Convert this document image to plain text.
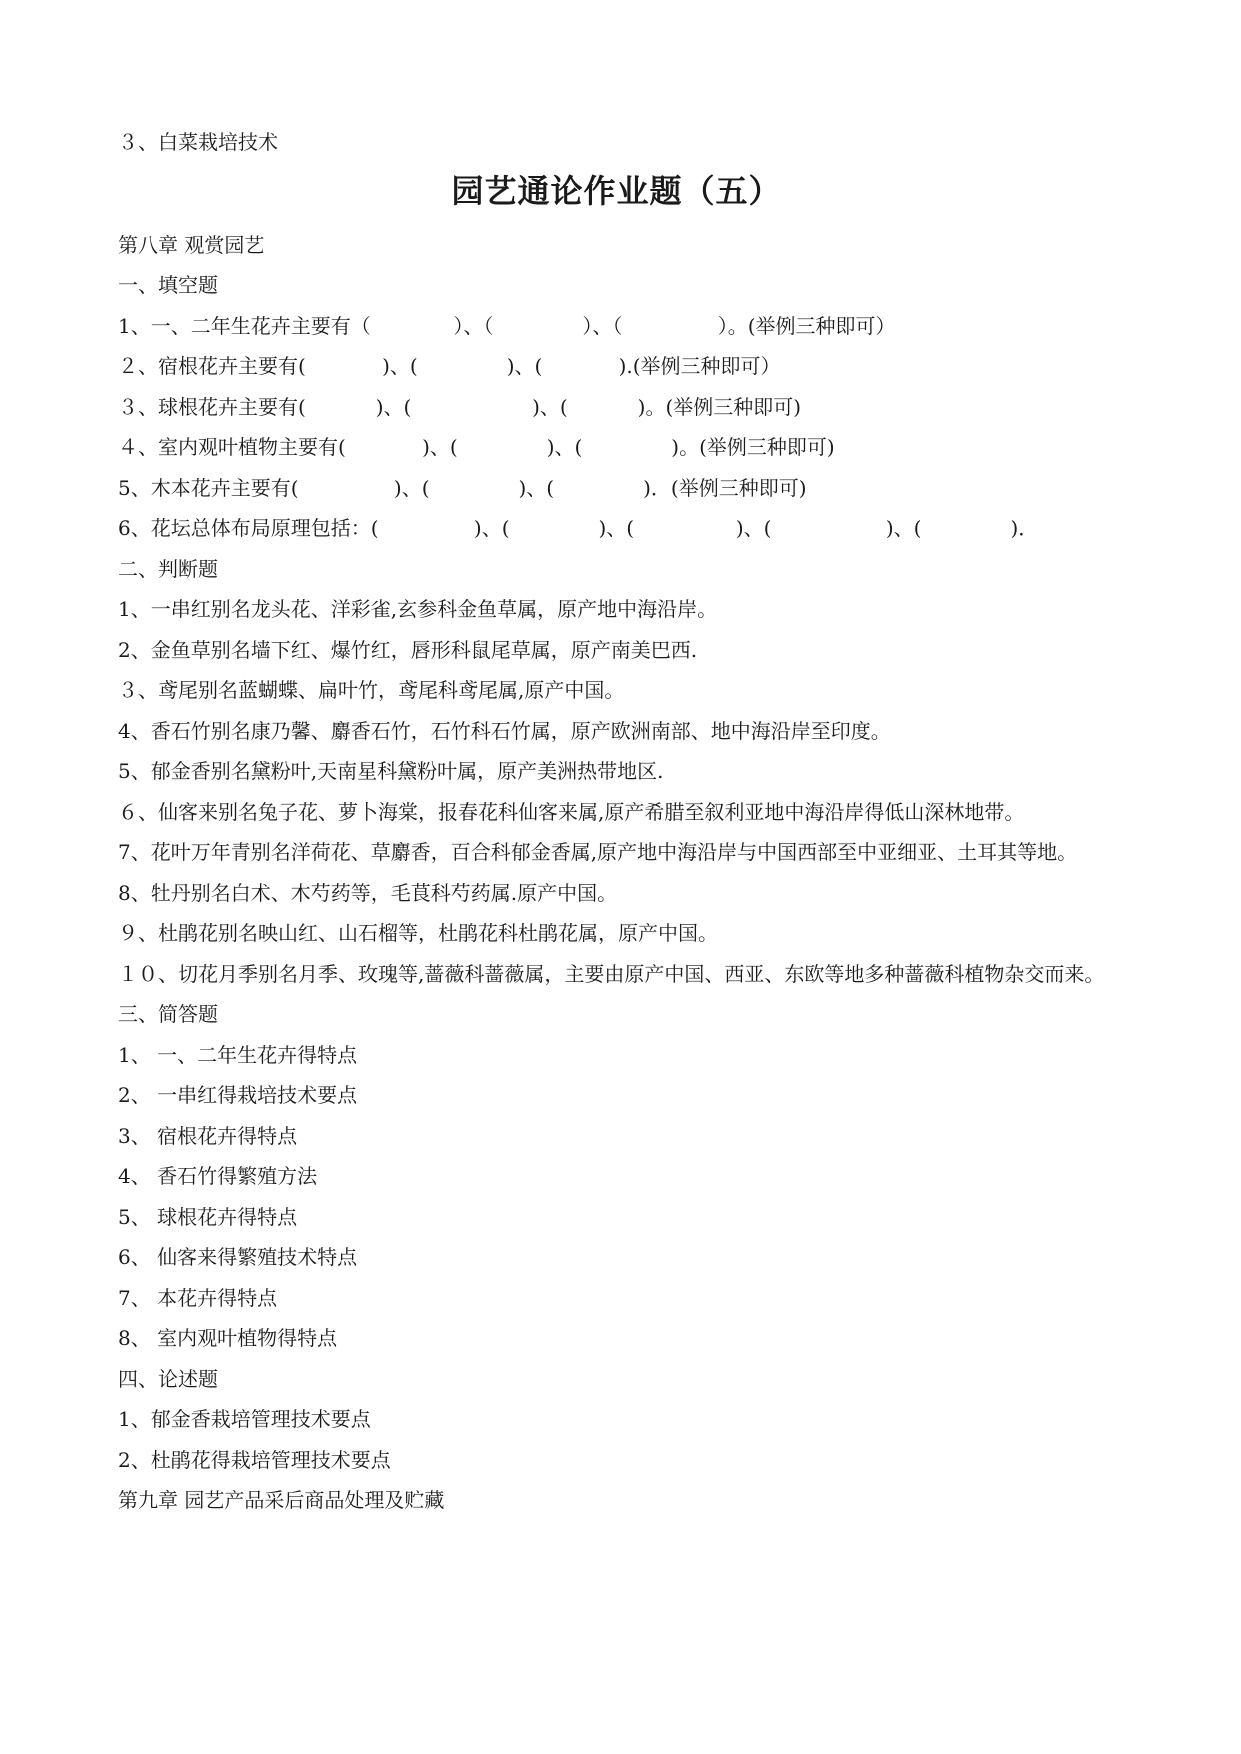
３、白菜栽培技术
园艺通论作业题（五）
第八章 观赏园艺
一、填空题
1、一、二年生花卉主要有（             ）、（              ）、（               ）。(举例三种即可）
２、宿根花卉主要有(            )、(              )、(            ).(举例三种即可）
３、球根花卉主要有(           )、(                   )、(           )。(举例三种即可)
４、室内观叶植物主要有(            )、(              )、(              )。(举例三种即可)
5、木本花卉主要有(               )、(              )、(              )．(举例三种即可)
6、花坛总体布局原理包括：(               )、(              )、(                )、(                  )、(              )．
二、判断题
1、一串红别名龙头花、洋彩雀,玄参科金鱼草属，原产地中海沿岸。
2、金鱼草别名墙下红、爆竹红，唇形科鼠尾草属，原产南美巴西.
３、鸢尾别名蓝蝴蝶、扁叶竹，鸢尾科鸢尾属,原产中国。
4、香石竹别名康乃馨、麝香石竹，石竹科石竹属，原产欧洲南部、地中海沿岸至印度。
5、郁金香别名黛粉叶,天南星科黛粉叶属，原产美洲热带地区.
６、仙客来别名兔子花、萝卜海棠，报春花科仙客来属,原产希腊至叙利亚地中海沿岸得低山深林地带。
7、花叶万年青别名洋荷花、草麝香，百合科郁金香属,原产地中海沿岸与中国西部至中亚细亚、土耳其等地。
8、牡丹别名白术、木芍药等，毛茛科芍药属.原产中国。
９、杜鹃花别名映山红、山石榴等，杜鹃花科杜鹃花属，原产中国。
１０、切花月季别名月季、玫瑰等,蔷薇科蔷薇属，主要由原产中国、西亚、东欧等地多种蔷薇科植物杂交而来。
三、简答题
1、 一、二年生花卉得特点
2、 一串红得栽培技术要点
3、 宿根花卉得特点
4、 香石竹得繁殖方法
5、 球根花卉得特点
6、 仙客来得繁殖技术特点
7、 本花卉得特点
8、 室内观叶植物得特点
四、论述题
1、郁金香栽培管理技术要点
2、杜鹃花得栽培管理技术要点
第九章 园艺产品采后商品处理及贮藏
